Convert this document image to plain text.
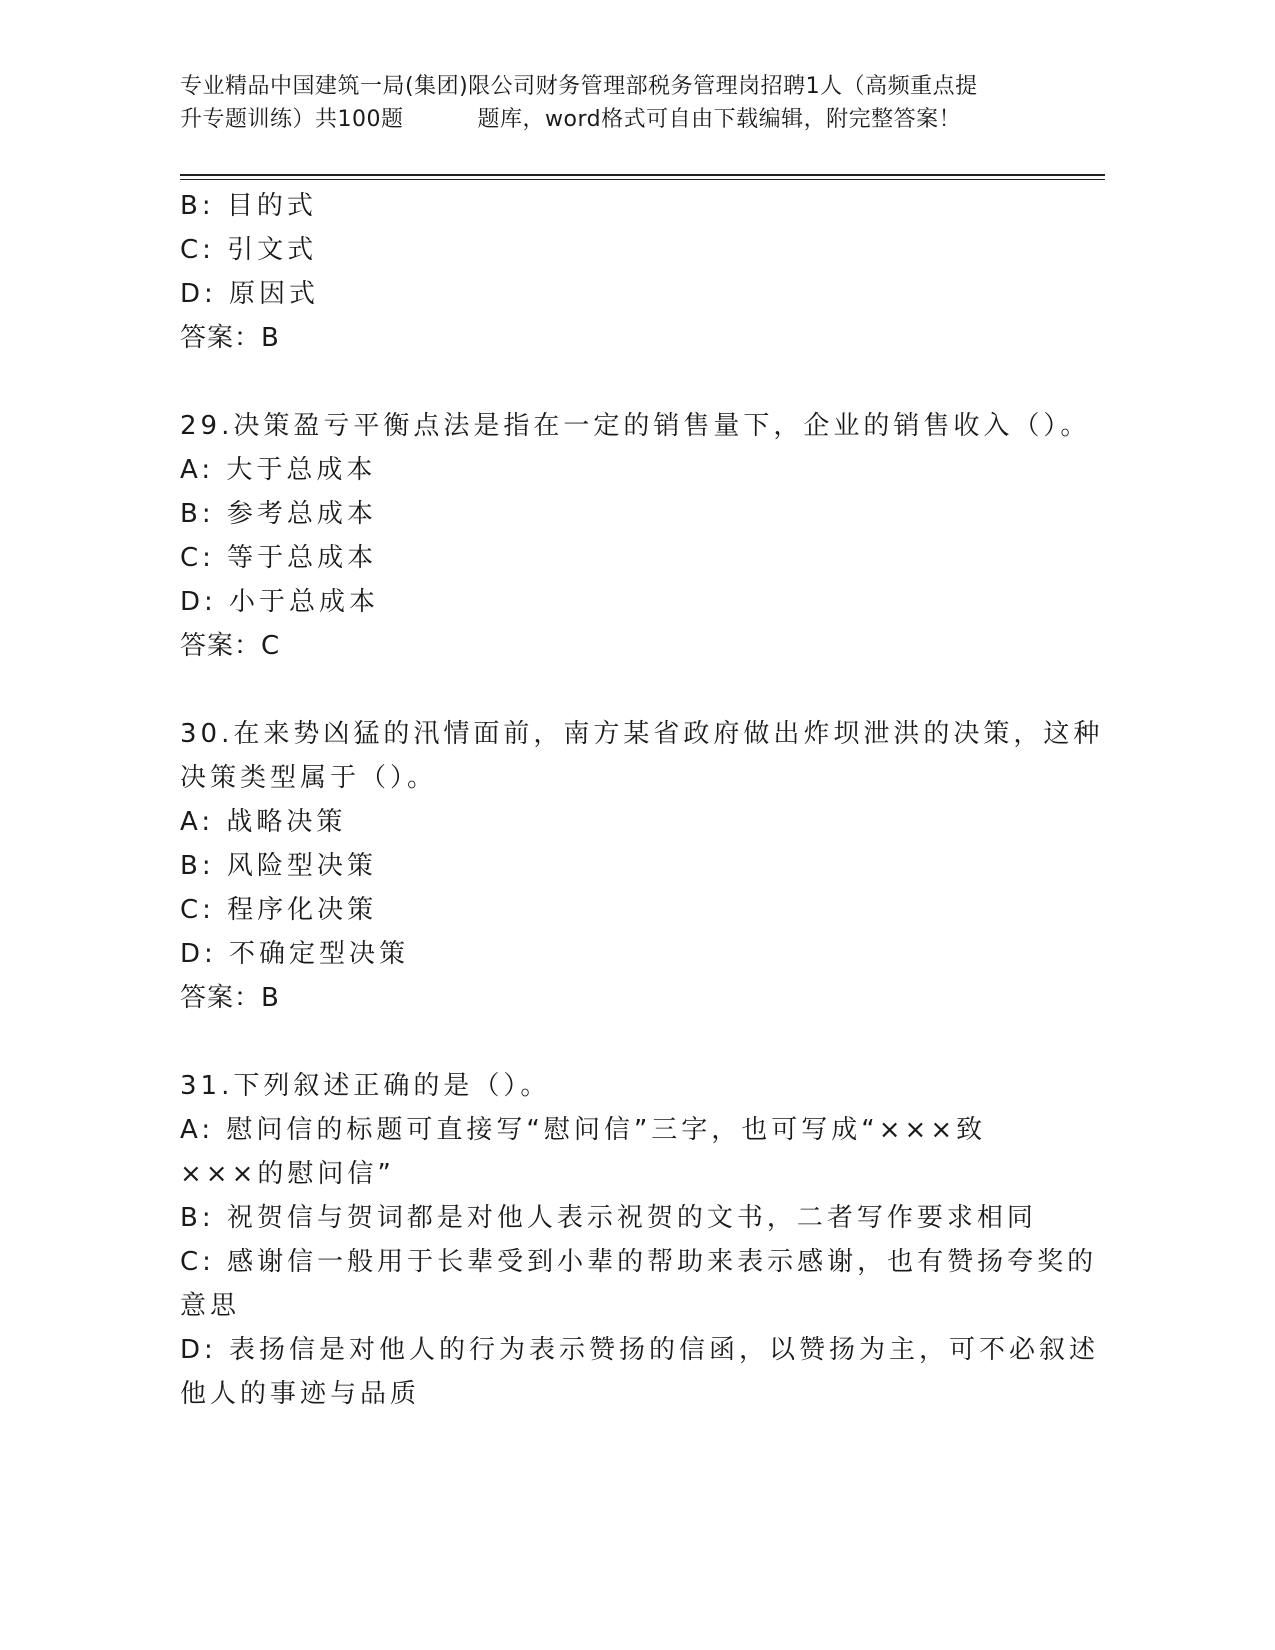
专业精品中国建筑一局(集团)限公司财务管理部税务管理岗招聘1人（高频重点提
升专题训练）共100题	题库，word格式可自由下载编辑，附完整答案！
B: 目的式
C: 引文式
D: 原因式
答案：B
29.决策盈亏平衡点法是指在一定的销售量下，企业的销售收入（）。
A: 大于总成本
B: 参考总成本
C: 等于总成本
D: 小于总成本
答案：C
30.在来势凶猛的汛情面前，南方某省政府做出炸坝泄洪的决策，这种
决策类型属于（）。
A: 战略决策
B: 风险型决策
C: 程序化决策
D: 不确定型决策
答案：B
31.下列叙述正确的是（）。
A: 慰问信的标题可直接写“慰问信”三字，也可写成“×××致
×××的慰问信”
B: 祝贺信与贺词都是对他人表示祝贺的文书，二者写作要求相同
C: 感谢信一般用于长辈受到小辈的帮助来表示感谢，也有赞扬夸奖的
意思
D: 表扬信是对他人的行为表示赞扬的信函，以赞扬为主，可不必叙述
他人的事迹与品质
